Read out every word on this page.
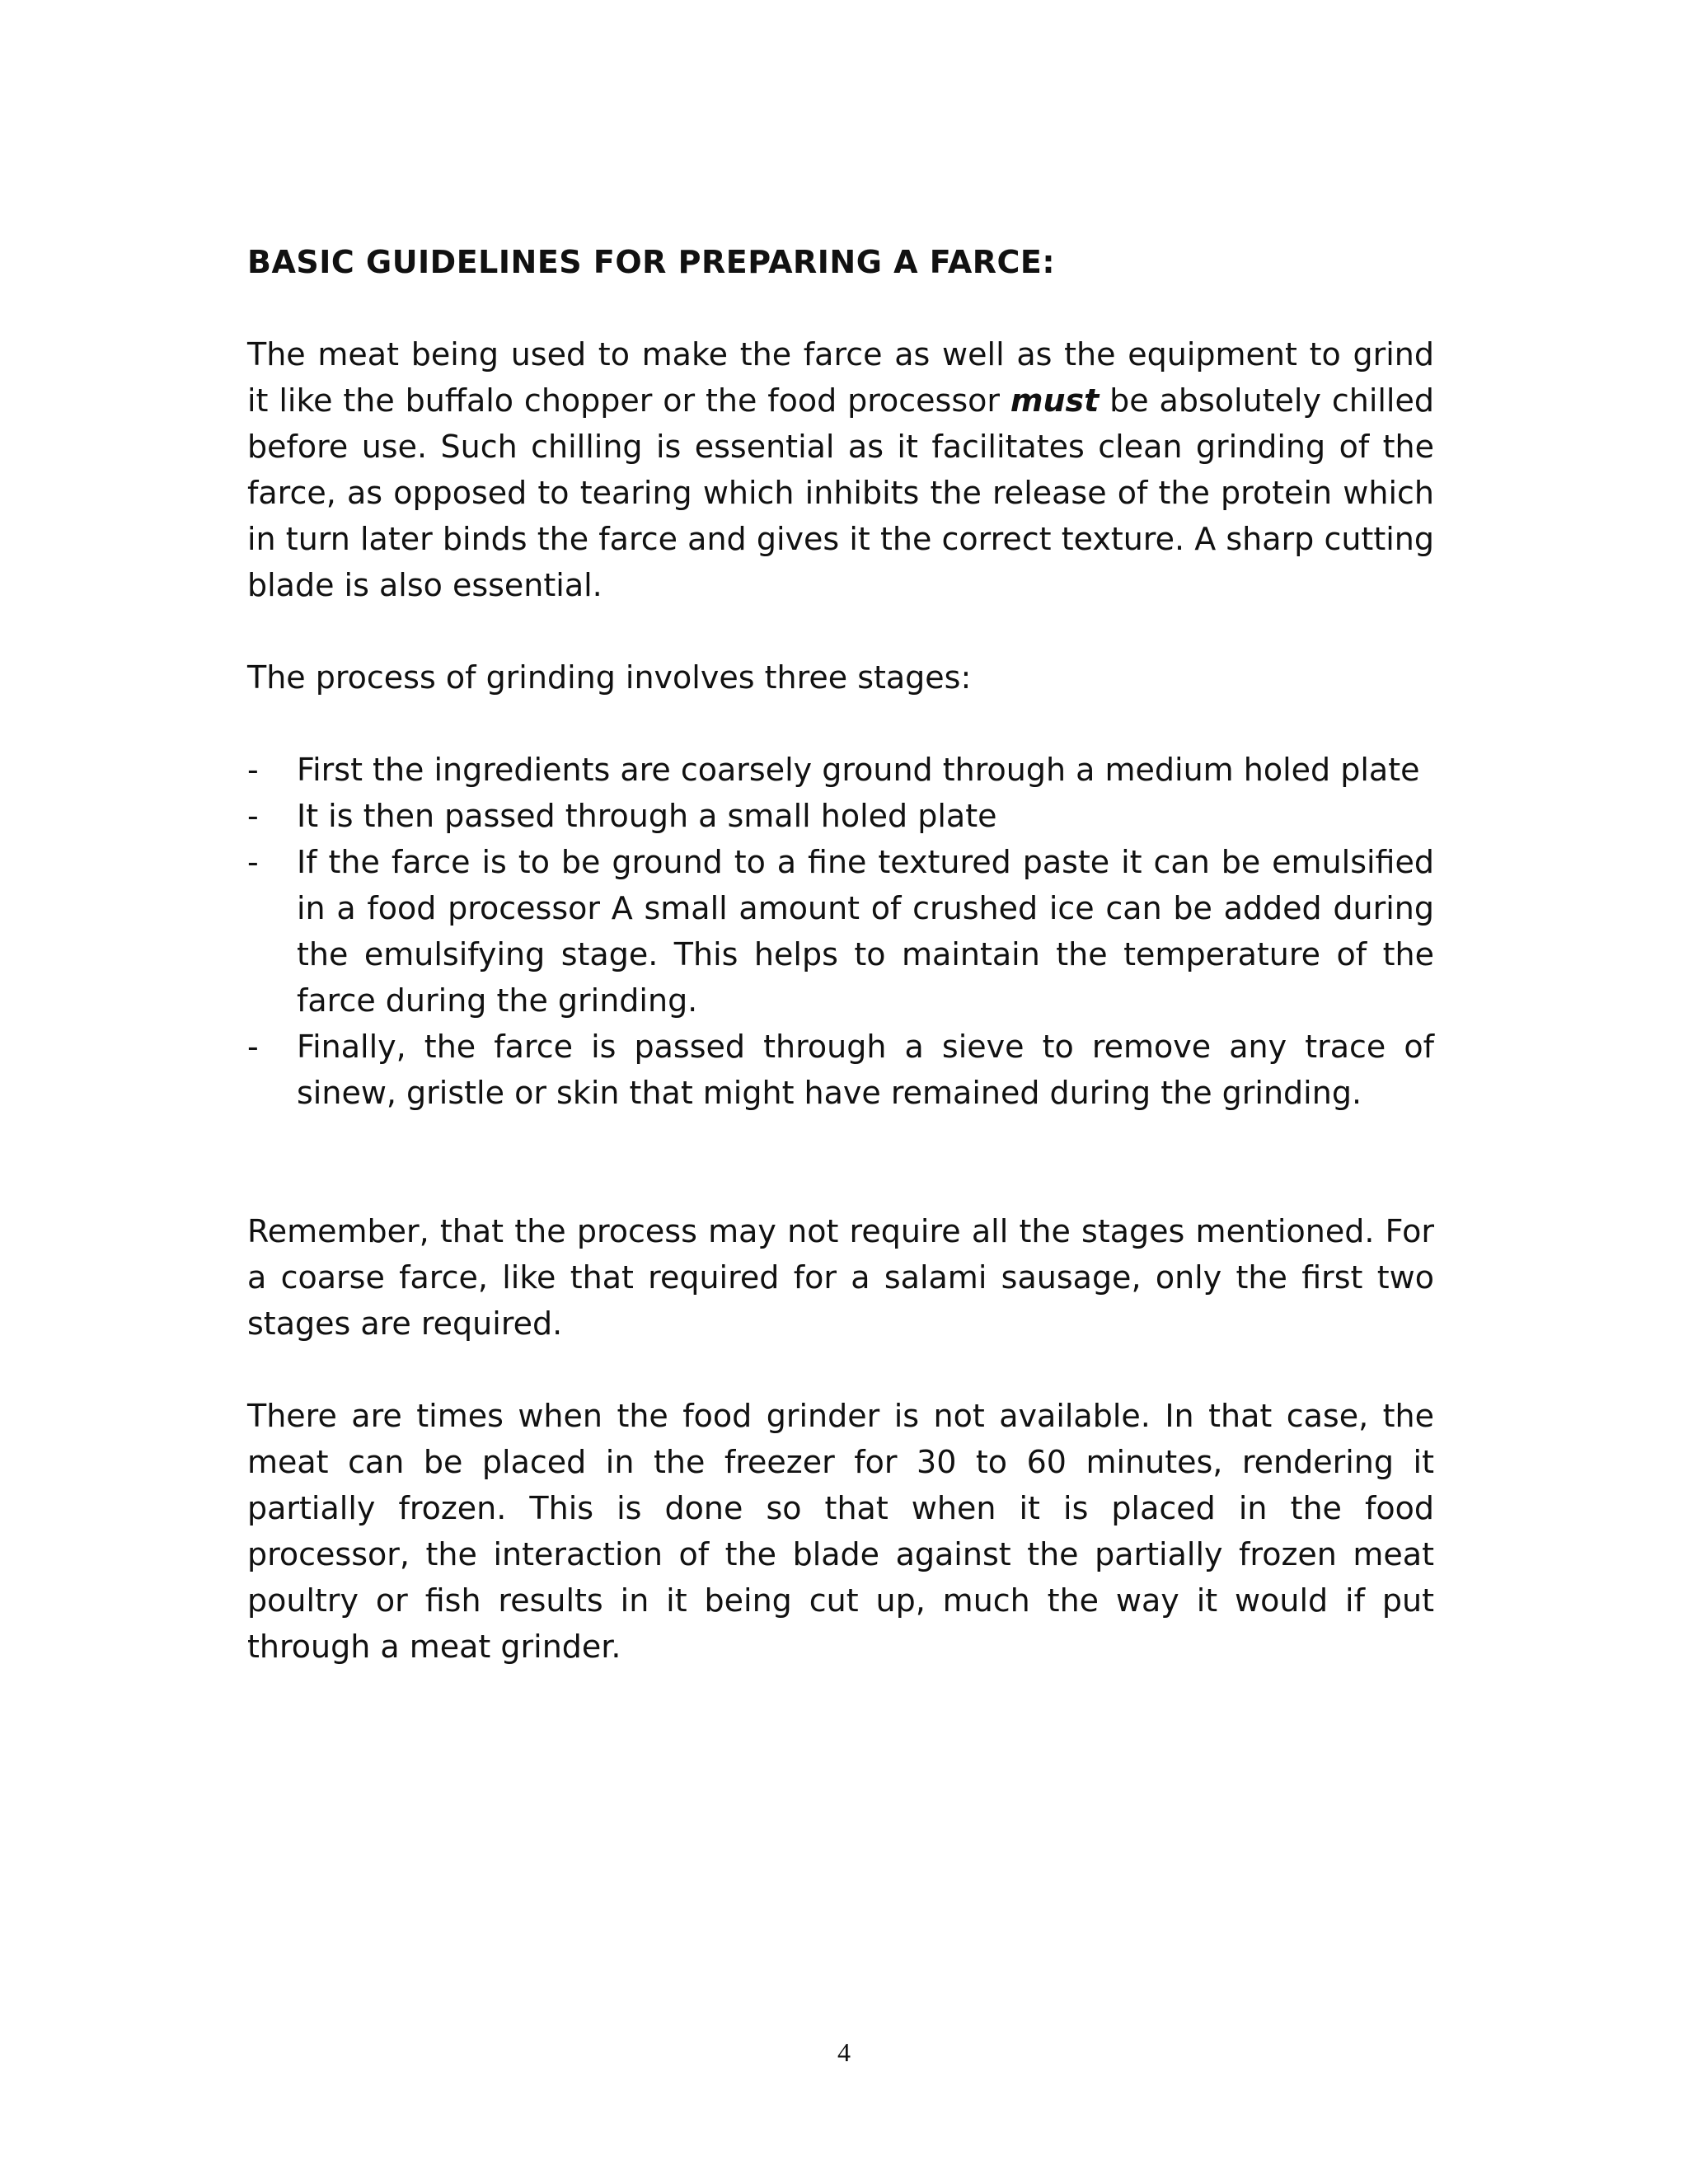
BASIC GUIDELINES FOR PREPARING A FARCE:

The meat being used to make the farce as well as the equipment to grind it like the buffalo chopper or the food processor must be absolutely chilled before use. Such chilling is essential as it facilitates clean grinding of the farce, as opposed to tearing which inhibits the release of the protein which in turn later binds the farce and gives it the correct texture. A sharp cutting blade is also essential.

The process of grinding involves three stages:

- First the ingredients are coarsely ground through a medium holed plate
- It is then passed through a small holed plate
- If the farce is to be ground to a fine textured paste it can be emulsified in a food processor A small amount of crushed ice can be added during the emulsifying stage. This helps to maintain the temperature of the farce during the grinding.
- Finally, the farce is passed through a sieve to remove any trace of sinew, gristle or skin that might have remained during the grinding.

Remember, that the process may not require all the stages mentioned. For a coarse farce, like that required for a salami sausage, only the first two stages are required.

There are times when the food grinder is not available. In that case, the meat can be placed in the freezer for 30 to 60 minutes, rendering it partially frozen. This is done so that when it is placed in the food processor, the interaction of the blade against the partially frozen meat poultry or fish results in it being cut up, much the way it would if put through a meat grinder.

4
